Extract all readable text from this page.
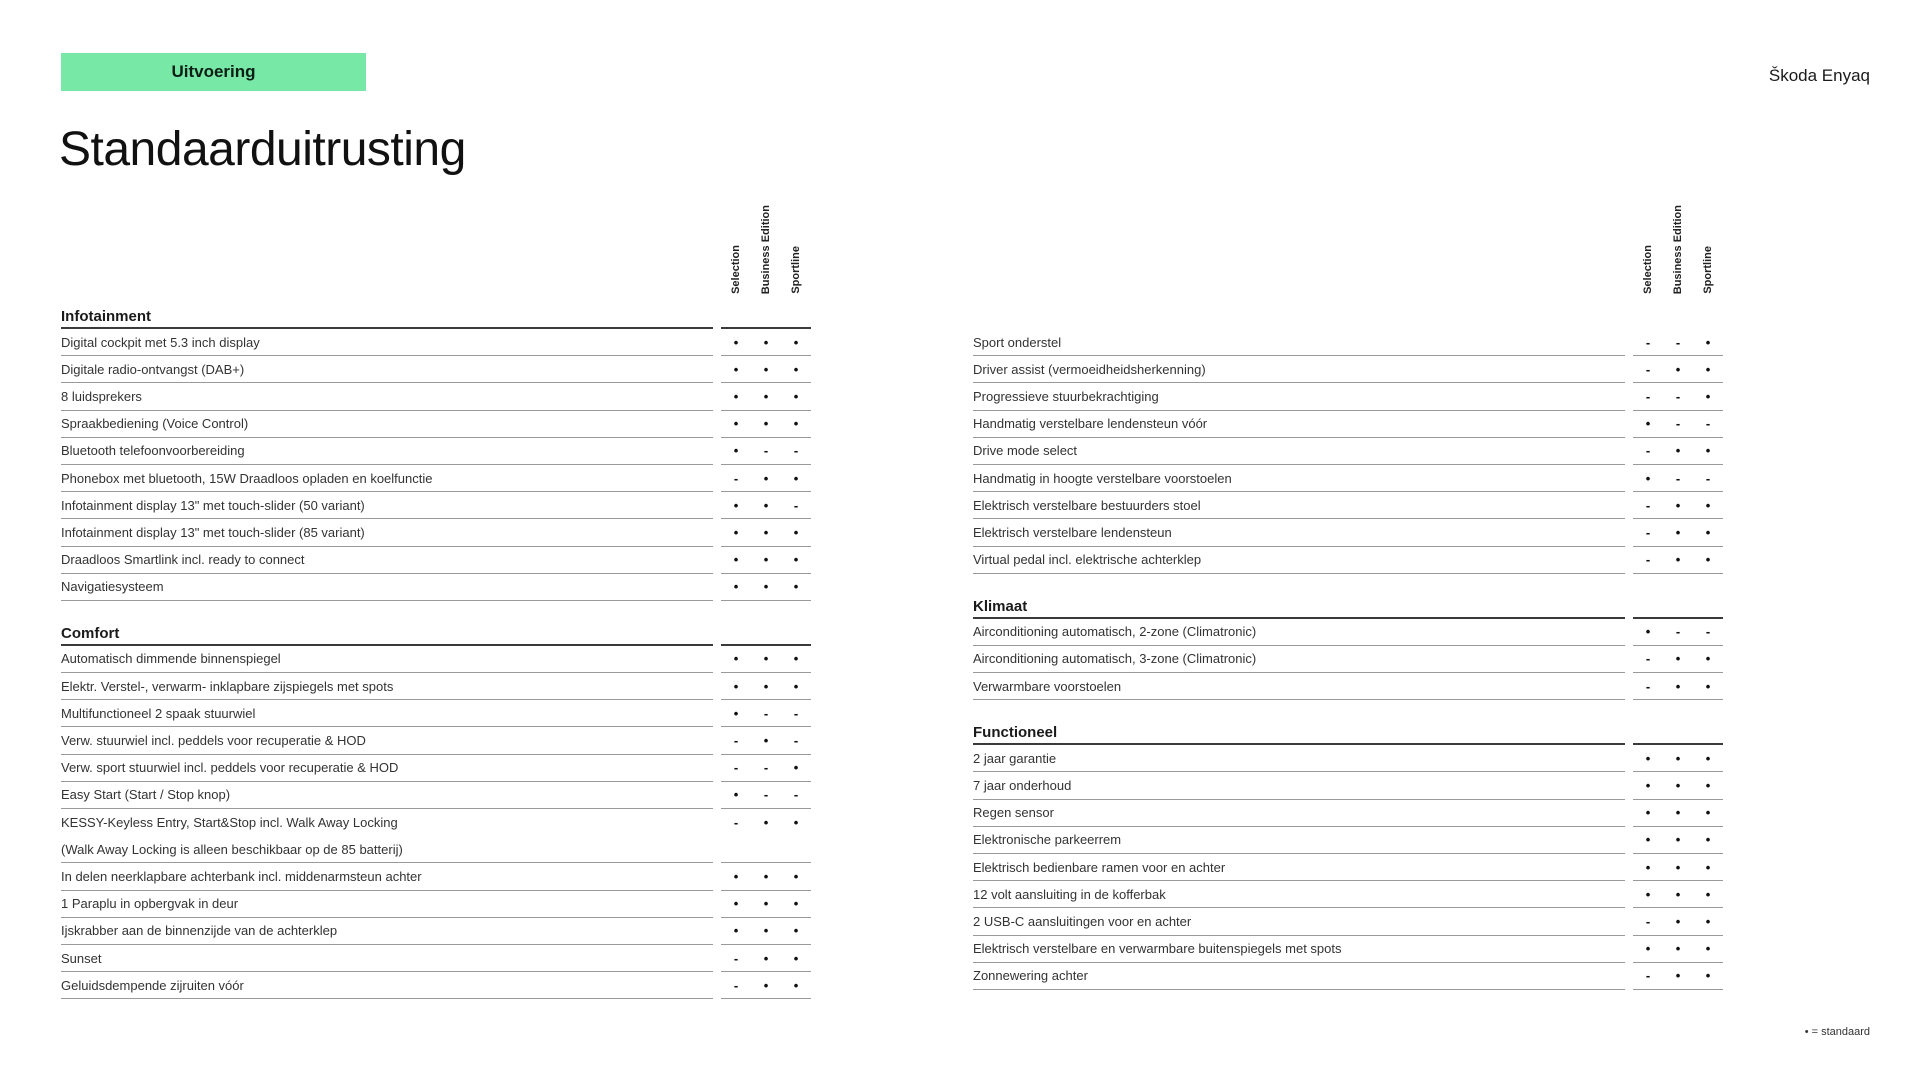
Uitvoering	Škoda Enyaq
Standaarduitrusting
Selection Business Edition Sportline
Infotainment
Digital cockpit met 5.3 inch display	•	•	•
Digitale radio-ontvangst (DAB+)	•	•	•
8 luidsprekers	•	•	•
Spraakbediening (Voice Control)	•	•	•
Bluetooth telefoonvoorbereiding	•	-	-
Phonebox met bluetooth, 15W Draadloos opladen en koelfunctie	-	•	•
Infotainment display 13" met touch-slider (50 variant)	•	•	-
Infotainment display 13" met touch-slider (85 variant)	•	•	•
Draadloos Smartlink incl. ready to connect	•	•	•
Navigatiesysteem	•	•	•
Comfort
Automatisch dimmende binnenspiegel	•	•	•
Elektr. Verstel-, verwarm- inklapbare zijspiegels met spots	•	•	•
Multifunctioneel 2 spaak stuurwiel	•	-	-
Verw. stuurwiel incl. peddels voor recuperatie & HOD	-	•	-
Verw. sport stuurwiel incl. peddels voor recuperatie & HOD	-	-	•
Easy Start (Start / Stop knop)	•	-	-
KESSY-Keyless Entry, Start&Stop incl. Walk Away Locking	-	•	•
(Walk Away Locking is alleen beschikbaar op de 85 batterij)
In delen neerklapbare achterbank incl. middenarmsteun achter	•	•	•
1 Paraplu in opbergvak in deur	•	•	•
Ijskrabber aan de binnenzijde van de achterklep	•	•	•
Sunset	-	•	•
Geluidsdempende zijruiten vóór	-	•	•
Selection Business Edition Sportline
Sport onderstel	-	-	•
Driver assist (vermoeidheidsherkenning)	-	•	•
Progressieve stuurbekrachtiging	-	-	•
Handmatig verstelbare lendensteun vóór	•	-	-
Drive mode select	-	•	•
Handmatig in hoogte verstelbare voorstoelen	•	-	-
Elektrisch verstelbare bestuurders stoel	-	•	•
Elektrisch verstelbare lendensteun	-	•	•
Virtual pedal incl. elektrische achterklep	-	•	•
Klimaat
Airconditioning automatisch, 2-zone (Climatronic)	•	-	-
Airconditioning automatisch, 3-zone (Climatronic)	-	•	•
Verwarmbare voorstoelen	-	•	•
Functioneel
2 jaar garantie	•	•	•
7 jaar onderhoud	•	•	•
Regen sensor	•	•	•
Elektronische parkeerrem	•	•	•
Elektrisch bedienbare ramen voor en achter	•	•	•
12 volt aansluiting in de kofferbak	•	•	•
2 USB-C aansluitingen voor en achter	-	•	•
Elektrisch verstelbare en verwarmbare buitenspiegels met spots	•	•	•
Zonnewering achter	-	•	•
• = standaard
